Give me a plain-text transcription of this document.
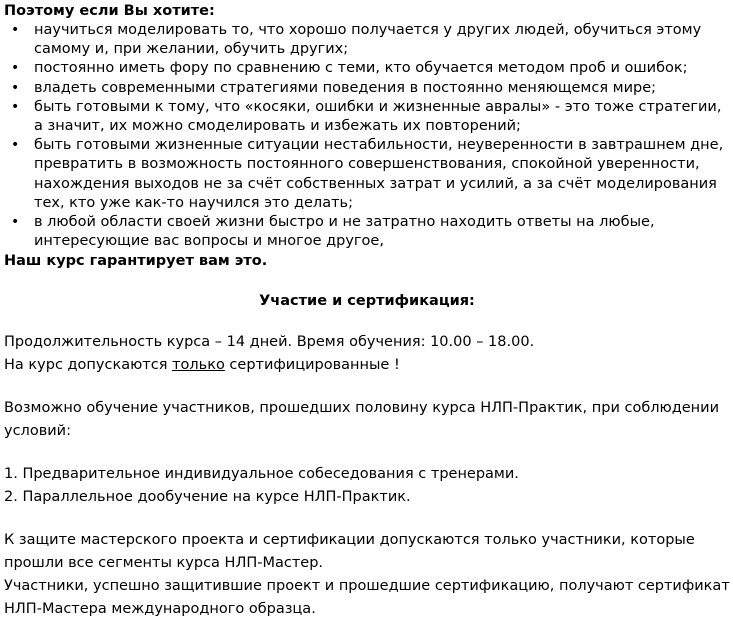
Поэтому если Вы хотите:

• научиться моделировать то, что хорошо получается у других людей, обучиться этому самому и, при желании, обучить других;
• постоянно иметь фору по сравнению с теми, кто обучается методом проб и ошибок;
• владеть современными стратегиями поведения в постоянно меняющемся мире;
• быть готовыми к тому, что «косяки, ошибки и жизненные авралы» - это тоже стратегии, а значит, их можно смоделировать и избежать их повторений;
• быть готовыми жизненные ситуации нестабильности, неуверенности в завтрашнем дне, превратить в возможность постоянного совершенствования, спокойной уверенности, нахождения выходов не за счёт собственных затрат и усилий, а за счёт моделирования тех, кто уже как-то научился это делать;
• в любой области своей жизни быстро и не затратно находить ответы на любые, интересующие вас вопросы и многое другое,

Наш курс гарантирует вам это.

Участие и сертификация:

Продолжительность курса – 14 дней. Время обучения: 10.00 – 18.00.

На курс допускаются только сертифицированные !

Возможно обучение участников, прошедших половину курса НЛП-Практик, при соблюдении условий:

1. Предварительное индивидуальное собеседования с тренерами.

2. Параллельное дообучение на курсе НЛП-Практик.

К защите мастерского проекта и сертификации допускаются только участники, которые прошли все сегменты курса НЛП-Мастер.

Участники, успешно защитившие проект и прошедшие сертификацию, получают сертификат НЛП-Мастера международного образца.
